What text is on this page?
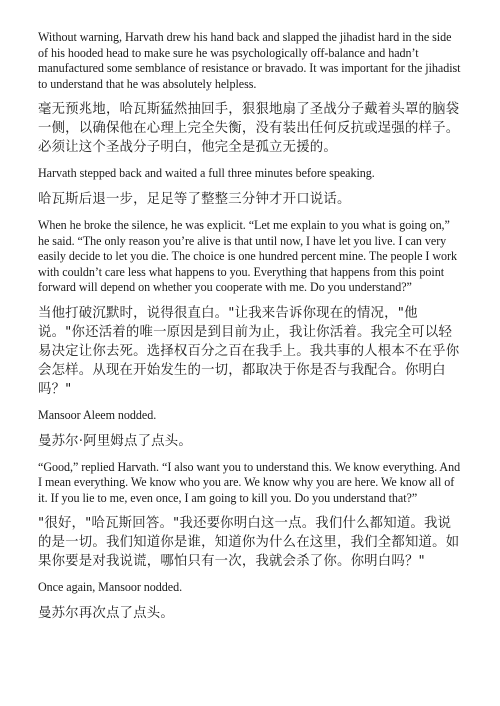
Without warning, Harvath drew his hand back and slapped the jihadist hard in the side of his hooded head to make sure he was psychologically off-balance and hadn’t manufactured some semblance of resistance or bravado. It was important for the jihadist to understand that he was absolutely helpless.

毫无预兆地，哈瓦斯猛然抽回手，狠狠地扇了圣战分子戴着头罩的脑袋一侧，以确保他在心理上完全失衡，没有装出任何反抗或逞强的样子。必须让这个圣战分子明白，他完全是孤立无援的。

Harvath stepped back and waited a full three minutes before speaking.

哈瓦斯后退一步，足足等了整整三分钟才开口说话。

When he broke the silence, he was explicit. “Let me explain to you what is going on,” he said. “The only reason you’re alive is that until now, I have let you live. I can very easily decide to let you die. The choice is one hundred percent mine. The people I work with couldn’t care less what happens to you. Everything that happens from this point forward will depend on whether you cooperate with me. Do you understand?”

当他打破沉默时，说得很直白。"让我来告诉你现在的情况，"他说。"你还活着的唯一原因是到目前为止，我让你活着。我完全可以轻易决定让你去死。选择权百分之百在我手上。我共事的人根本不在乎你会怎样。从现在开始发生的一切，都取决于你是否与我配合。你明白吗？"

Mansoor Aleem nodded.

曼苏尔·阿里姆点了点头。

“Good,” replied Harvath. “I also want you to understand this. We know everything. And I mean everything. We know who you are. We know why you are here. We know all of it. If you lie to me, even once, I am going to kill you. Do you understand that?”

"很好，"哈瓦斯回答。"我还要你明白这一点。我们什么都知道。我说的是一切。我们知道你是谁，知道你为什么在这里，我们全都知道。如果你要是对我说谎，哪怕只有一次，我就会杀了你。你明白吗？"

Once again, Mansoor nodded.

曼苏尔再次点了点头。
